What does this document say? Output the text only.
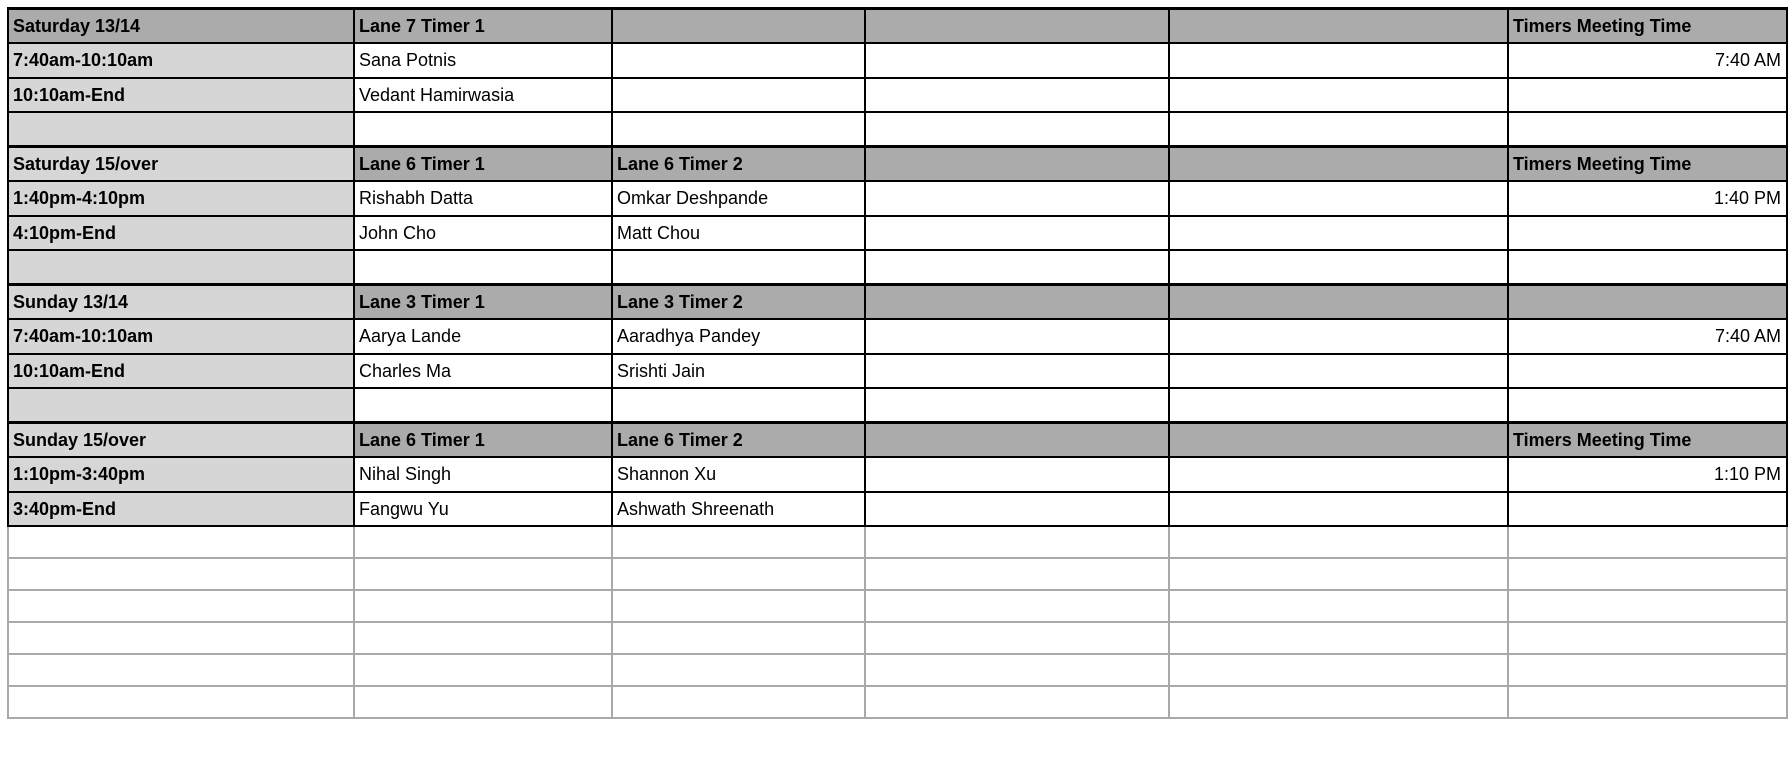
Saturday 13/14	Lane 7 Timer 1				Timers Meeting Time
7:40am-10:10am	Sana Potnis				7:40 AM
10:10am-End	Vedant Hamirwasia				

Saturday 15/over	Lane 6 Timer 1	Lane 6 Timer 2			Timers Meeting Time
1:40pm-4:10pm	Rishabh Datta	Omkar Deshpande			1:40 PM
4:10pm-End	John Cho	Matt Chou			

Sunday 13/14	Lane 3 Timer 1	Lane 3 Timer 2			
7:40am-10:10am	Aarya Lande	Aaradhya Pandey			7:40 AM
10:10am-End	Charles Ma	Srishti Jain			

Sunday 15/over	Lane 6 Timer 1	Lane 6 Timer 2			Timers Meeting Time
1:10pm-3:40pm	Nihal Singh	Shannon Xu			1:10 PM
3:40pm-End	Fangwu Yu	Ashwath Shreenath			
